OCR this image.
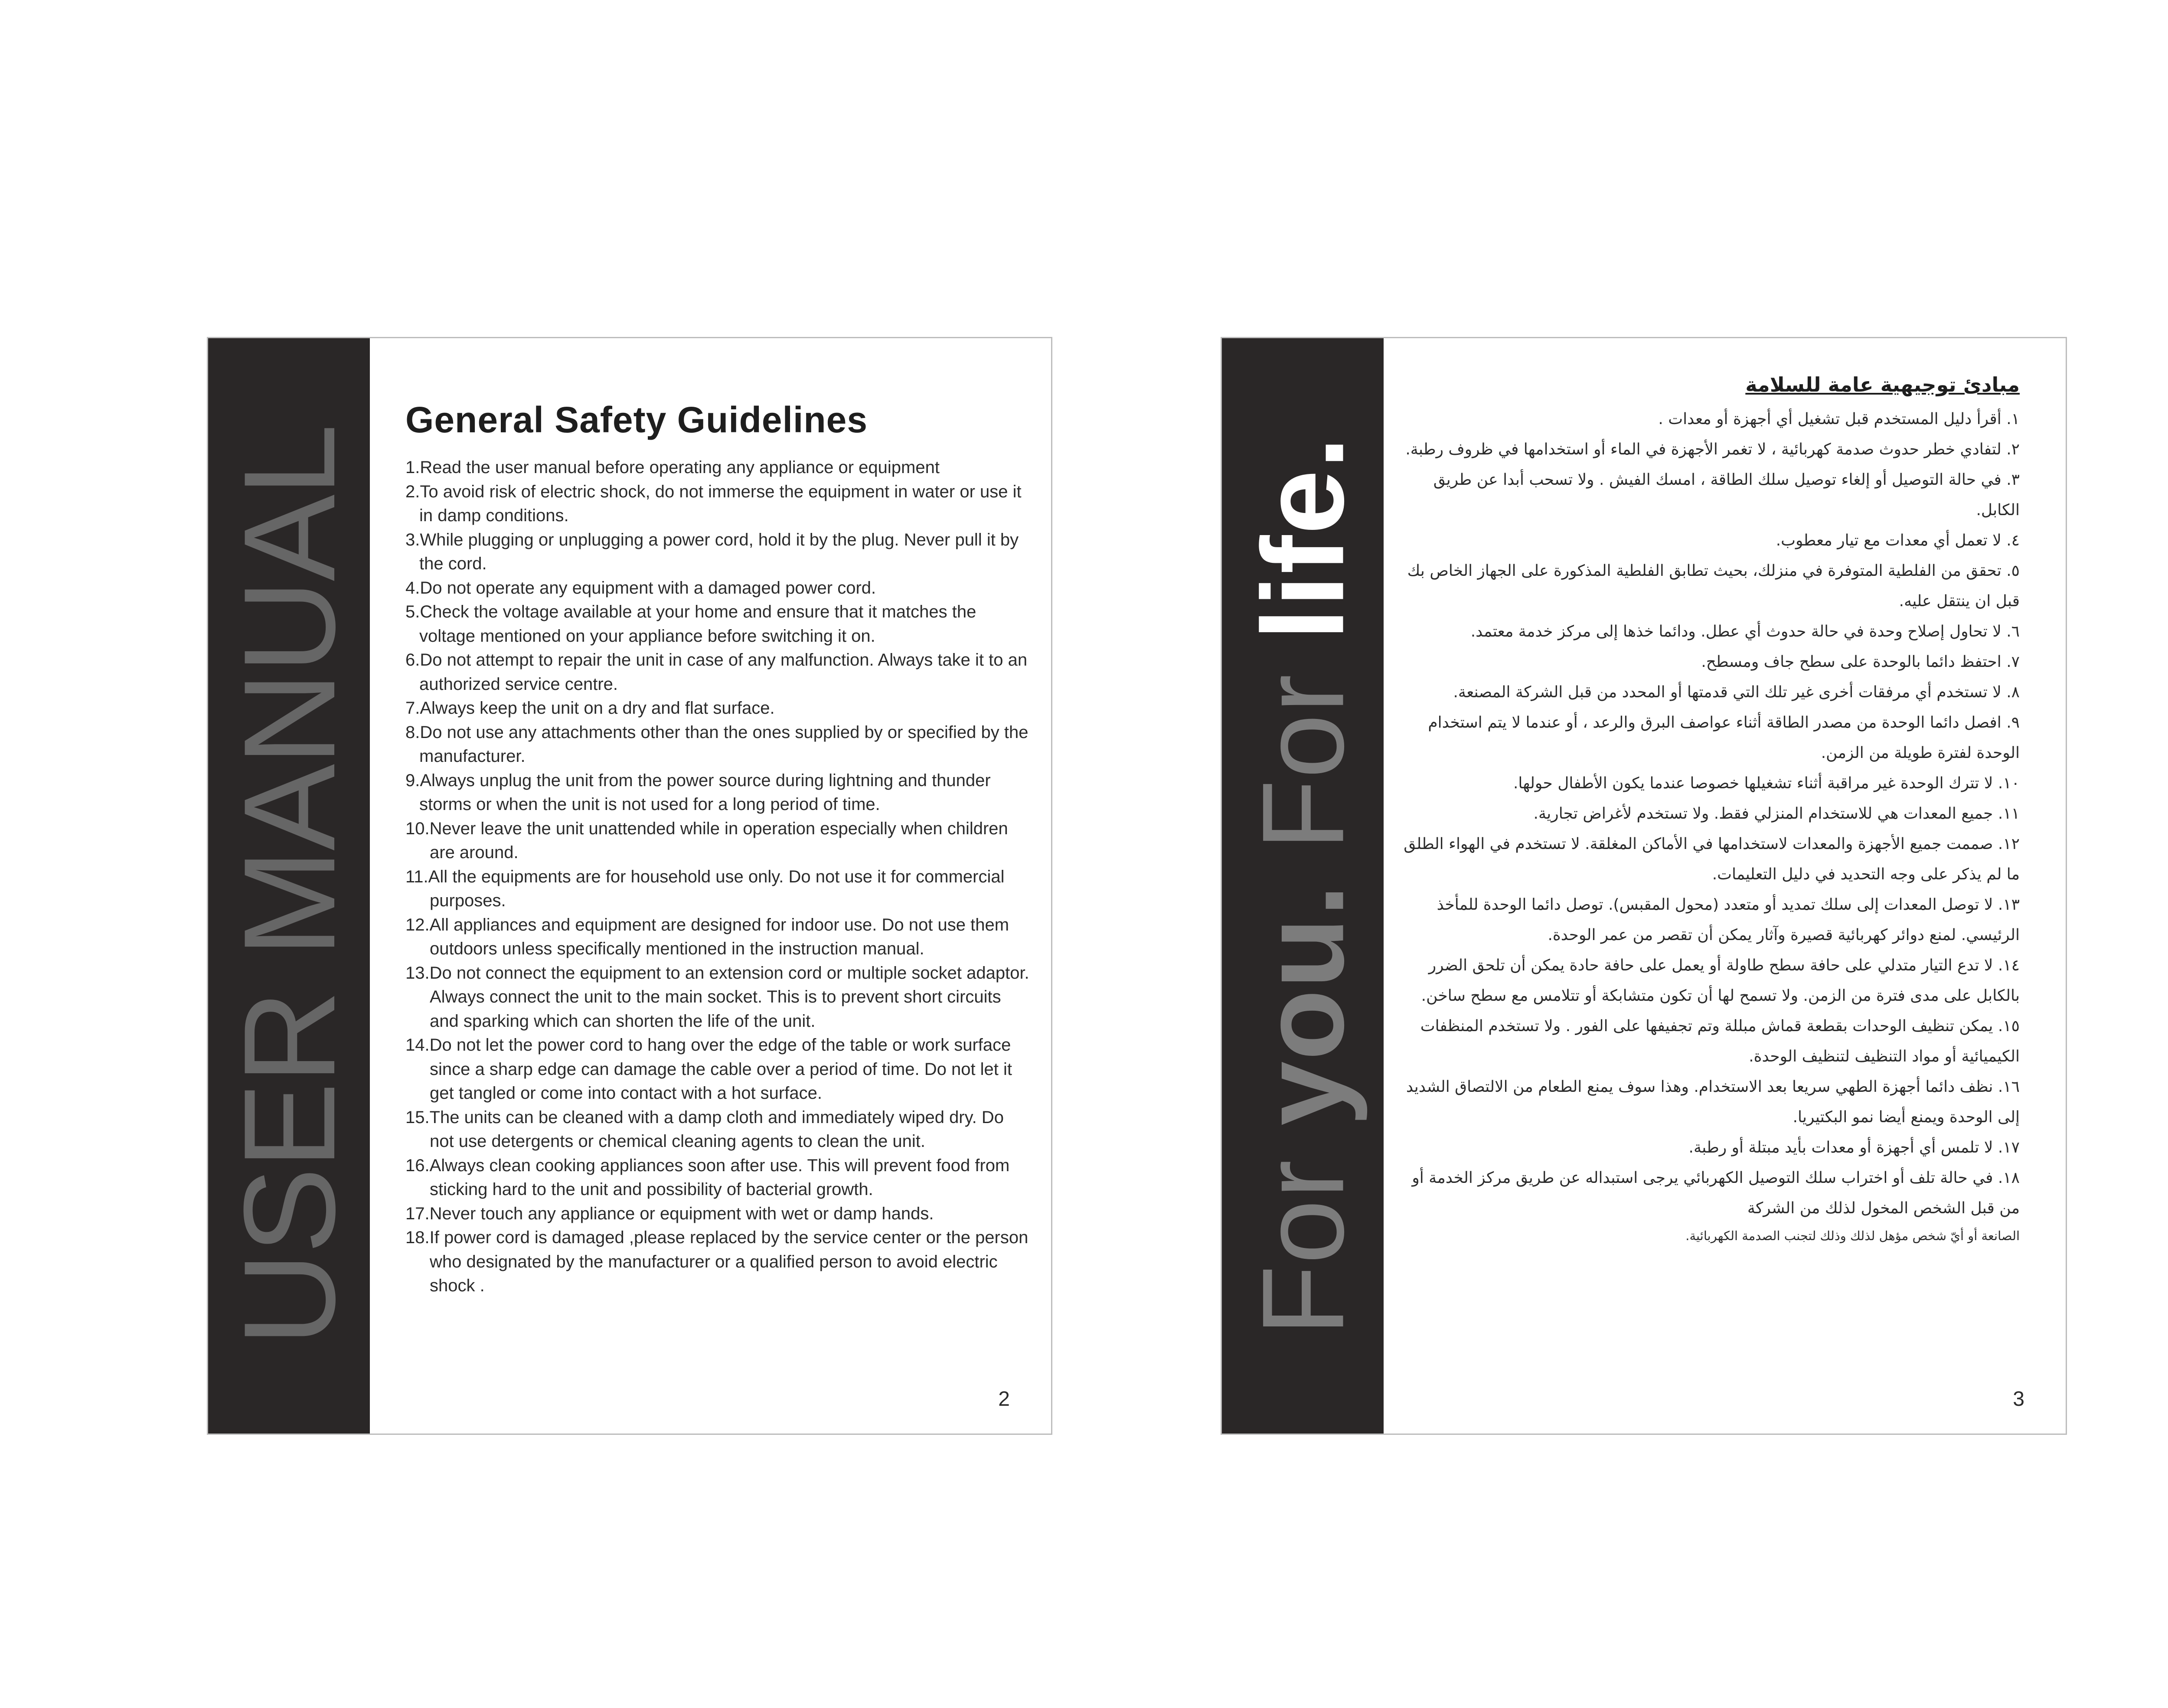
USER MANUAL
General Safety Guidelines
1.Read the user manual before operating any appliance or equipment
2.To avoid risk of electric shock, do not immerse the equipment in water or use it in damp conditions.
3.While plugging or unplugging a power cord, hold it by the plug. Never pull it by the cord.
4.Do not operate any equipment with a damaged power cord.
5.Check the voltage available at your home and ensure that it matches the voltage mentioned on your appliance before switching it on.
6.Do not attempt to repair the unit in case of any malfunction. Always take it to an authorized service centre.
7.Always keep the unit on a dry and flat surface.
8.Do not use any attachments other than the ones supplied by or specified by the manufacturer.
9.Always unplug the unit from the power source during lightning and thunder storms or when the unit is not used for a long period of time.
10.Never leave the unit unattended while in operation especially when children are around.
11.All the equipments are for household use only. Do not use it for commercial purposes.
12.All appliances and equipment are designed for indoor use. Do not use them outdoors unless specifically mentioned in the instruction manual.
13.Do not connect the equipment to an extension cord or multiple socket adaptor. Always connect the unit to the main socket. This is to prevent short circuits and sparking which can shorten the life of the unit.
14.Do not let the power cord to hang over the edge of the table or work surface since a sharp edge can damage the cable over a period of time. Do not let it get tangled or come into contact with a hot surface.
15.The units can be cleaned with a damp cloth and immediately wiped dry. Do not use detergents or chemical cleaning agents to clean the unit.
16.Always clean cooking appliances soon after use. This will prevent food from sticking hard to the unit and possibility of bacterial growth.
17.Never touch any appliance or equipment with wet or damp hands.
18.If power cord is damaged ,please replaced by the service center or the person who designated by the manufacturer or a qualified person to avoid electric shock .
2
For you. For life.
مبادئ توجيهية عامة للسلامة
١. أقرأ دليل المستخدم قبل تشغيل أي أجهزة أو معدات .
٢. لتفادي خطر حدوث صدمة كهربائية ، لا تغمر الأجهزة في الماء أو استخدامها في ظروف رطبة.
٣. في حالة التوصيل أو إلغاء توصيل سلك الطاقة ، امسك الفيش . ولا تسحب أبدا عن طريق الكابل.
٤. لا تعمل أي معدات مع تيار معطوب.
٥. تحقق من الفلطية المتوفرة في منزلك، بحيث تطابق الفلطية المذكورة على الجهاز الخاص بك قبل ان ينتقل عليه.
٦. لا تحاول إصلاح وحدة في حالة حدوث أي عطل. ودائما خذها إلى مركز خدمة معتمد.
٧. احتفظ دائما بالوحدة على سطح جاف ومسطح.
٨. لا تستخدم أي مرفقات أخرى غير تلك التي قدمتها أو المحدد من قبل الشركة المصنعة.
٩. افصل دائما الوحدة من مصدر الطاقة أثناء عواصف البرق والرعد ، أو عندما لا يتم استخدام الوحدة لفترة طويلة من الزمن.
١٠. لا تترك الوحدة غير مراقبة أثناء تشغيلها خصوصا عندما يكون الأطفال حولها.
١١. جميع المعدات هي للاستخدام المنزلي فقط. ولا تستخدم لأغراض تجارية.
١٢. صممت جميع الأجهزة والمعدات لاستخدامها في الأماكن المغلقة. لا تستخدم في الهواء الطلق ما لم يذكر على وجه التحديد في دليل التعليمات.
١٣. لا توصل المعدات إلى سلك تمديد أو متعدد (محول المقبس). توصل دائما الوحدة للمأخذ الرئيسي. لمنع دوائر كهربائية قصيرة وآثار يمكن أن تقصر من عمر الوحدة.
١٤. لا تدع التيار متدلي على حافة سطح طاولة أو يعمل على حافة حادة يمكن أن تلحق الضرر بالكابل على مدى فترة من الزمن. ولا تسمح لها أن تكون متشابكة أو تتلامس مع سطح ساخن.
١٥. يمكن تنظيف الوحدات بقطعة قماش مبللة وتم تجفيفها على الفور . ولا تستخدم المنظفات الكيميائية أو مواد التنظيف لتنظيف الوحدة.
١٦. نظف دائما أجهزة الطهي سريعا بعد الاستخدام. وهذا سوف يمنع الطعام من الالتصاق الشديد إلى الوحدة ويمنع أيضا نمو البكتيريا.
١٧. لا تلمس أي أجهزة أو معدات بأيد مبتلة أو رطبة.
١٨. في حالة تلف أو اختراب سلك التوصيل الكهربائي يرجى استبداله عن طريق مركز الخدمة أو من قبل الشخص المخول لذلك من الشركة
الصانعة أو أيّ شخص مؤهل لذلك وذلك لتجنب الصدمة الكهربائية.
3
